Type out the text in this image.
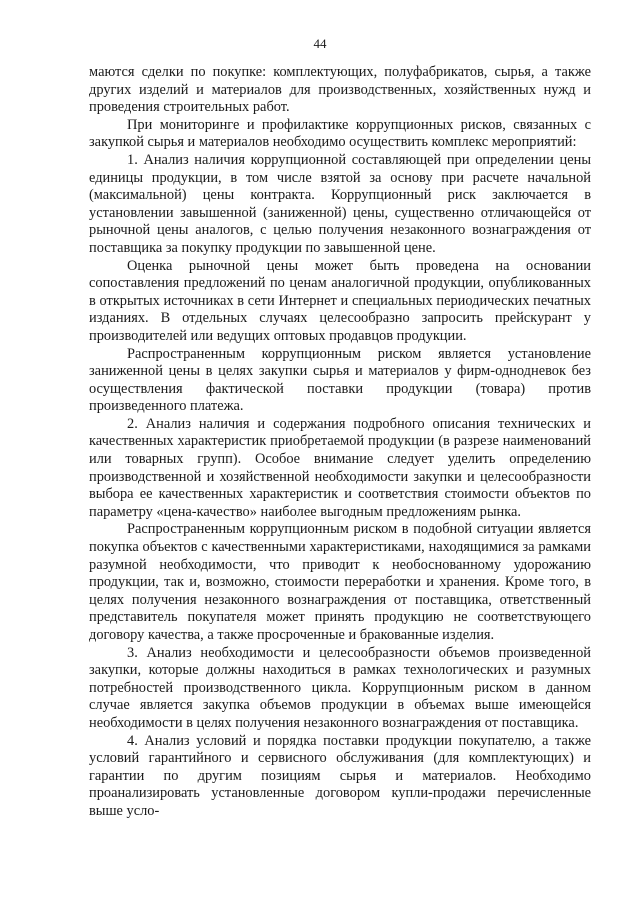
44

мaются сделки по покупке: комплектующих, полуфабрикатов, сырья, а также других изделий и материалов для производственных, хозяйственных нужд и проведения строительных работ.

При мониторинге и профилактике коррупционных рисков, связанных с закупкой сырья и материалов необходимо осуществить комплекс мероприятий:

1. Анализ наличия коррупционной составляющей при определении цены единицы продукции, в том числе взятой за основу при расчете начальной (максимальной) цены контракта. Коррупционный риск заключается в установлении завышенной (заниженной) цены, существенно отличающейся от рыночной цены аналогов, с целью получения незаконного вознаграждения от поставщика за покупку продукции по завышенной цене.

Оценка рыночной цены может быть проведена на основании сопоставления предложений по ценам аналогичной продукции, опубликованных в открытых источниках в сети Интернет и специальных периодических печатных изданиях. В отдельных случаях целесообразно запросить прейскурант у производителей или ведущих оптовых продавцов продукции.

Распространенным коррупционным риском является установление заниженной цены в целях закупки сырья и материалов у фирм-однодневок без осуществления фактической поставки продукции (товара) против произведенного платежа.

2. Анализ наличия и содержания подробного описания технических и качественных характеристик приобретаемой продукции (в разрезе наименований или товарных групп). Особое внимание следует уделить определению производственной и хозяйственной необходимости закупки и целесообразности выбора ее качественных характеристик и соответствия стоимости объектов по параметру «цена-качество» наиболее выгодным предложениям рынка.

Распространенным коррупционным риском в подобной ситуации является покупка объектов с качественными характеристиками, находящимися за рамками разумной необходимости, что приводит к необоснованному удорожанию продукции, так и, возможно, стоимости переработки и хранения. Кроме того, в целях получения незаконного вознаграждения от поставщика, ответственный представитель покупателя может принять продукцию не соответствующего договору качества, а также просроченные и бракованные изделия.

3. Анализ необходимости и целесообразности объемов произведенной закупки, которые должны находиться в рамках технологических и разумных потребностей производственного цикла. Коррупционным риском в данном случае является закупка объемов продукции в объемах выше имеющейся необходимости в целях получения незаконного вознаграждения от поставщика.

4. Анализ условий и порядка поставки продукции покупателю, а также условий гарантийного и сервисного обслуживания (для комплектующих) и гарантии по другим позициям сырья и материалов. Необходимо проанализировать установленные договором купли-продажи перечисленные выше усло-
